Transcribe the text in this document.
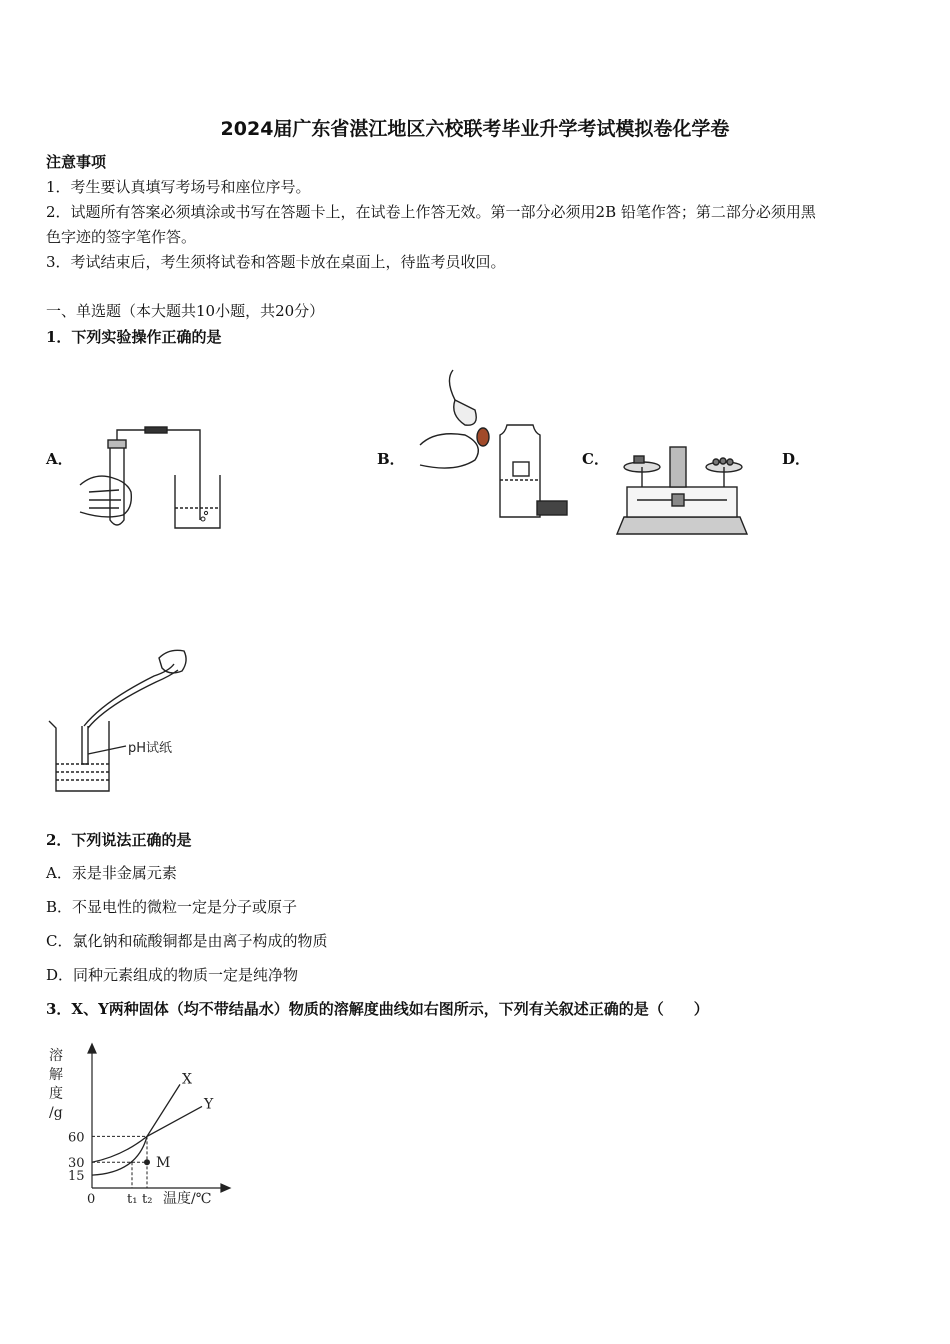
2024届广东省湛江地区六校联考毕业升学考试模拟卷化学卷
注意事项
1．考生要认真填写考场号和座位序号。
2．试题所有答案必须填涂或书写在答题卡上，在试卷上作答无效。第一部分必须用2B 铅笔作答；第二部分必须用黑
色字迹的签字笔作答。
3．考试结束后，考生须将试卷和答题卡放在桌面上，待监考员收回。
一、单选题（本大题共10小题，共20分）
1．下列实验操作正确的是
A．	B．	C．	D．
pH试纸
2．下列说法正确的是
A．汞是非金属元素
B．不显电性的微粒一定是分子或原子
C．氯化钠和硫酸铜都是由离子构成的物质
D．同种元素组成的物质一定是纯净物
3．X、Y两种固体（均不带结晶水）物质的溶解度曲线如右图所示，下列有关叙述正确的是（　　）
溶
解
度
/g
60
30
15
0 t₁ t₂ 温度/℃
X
Y
M
